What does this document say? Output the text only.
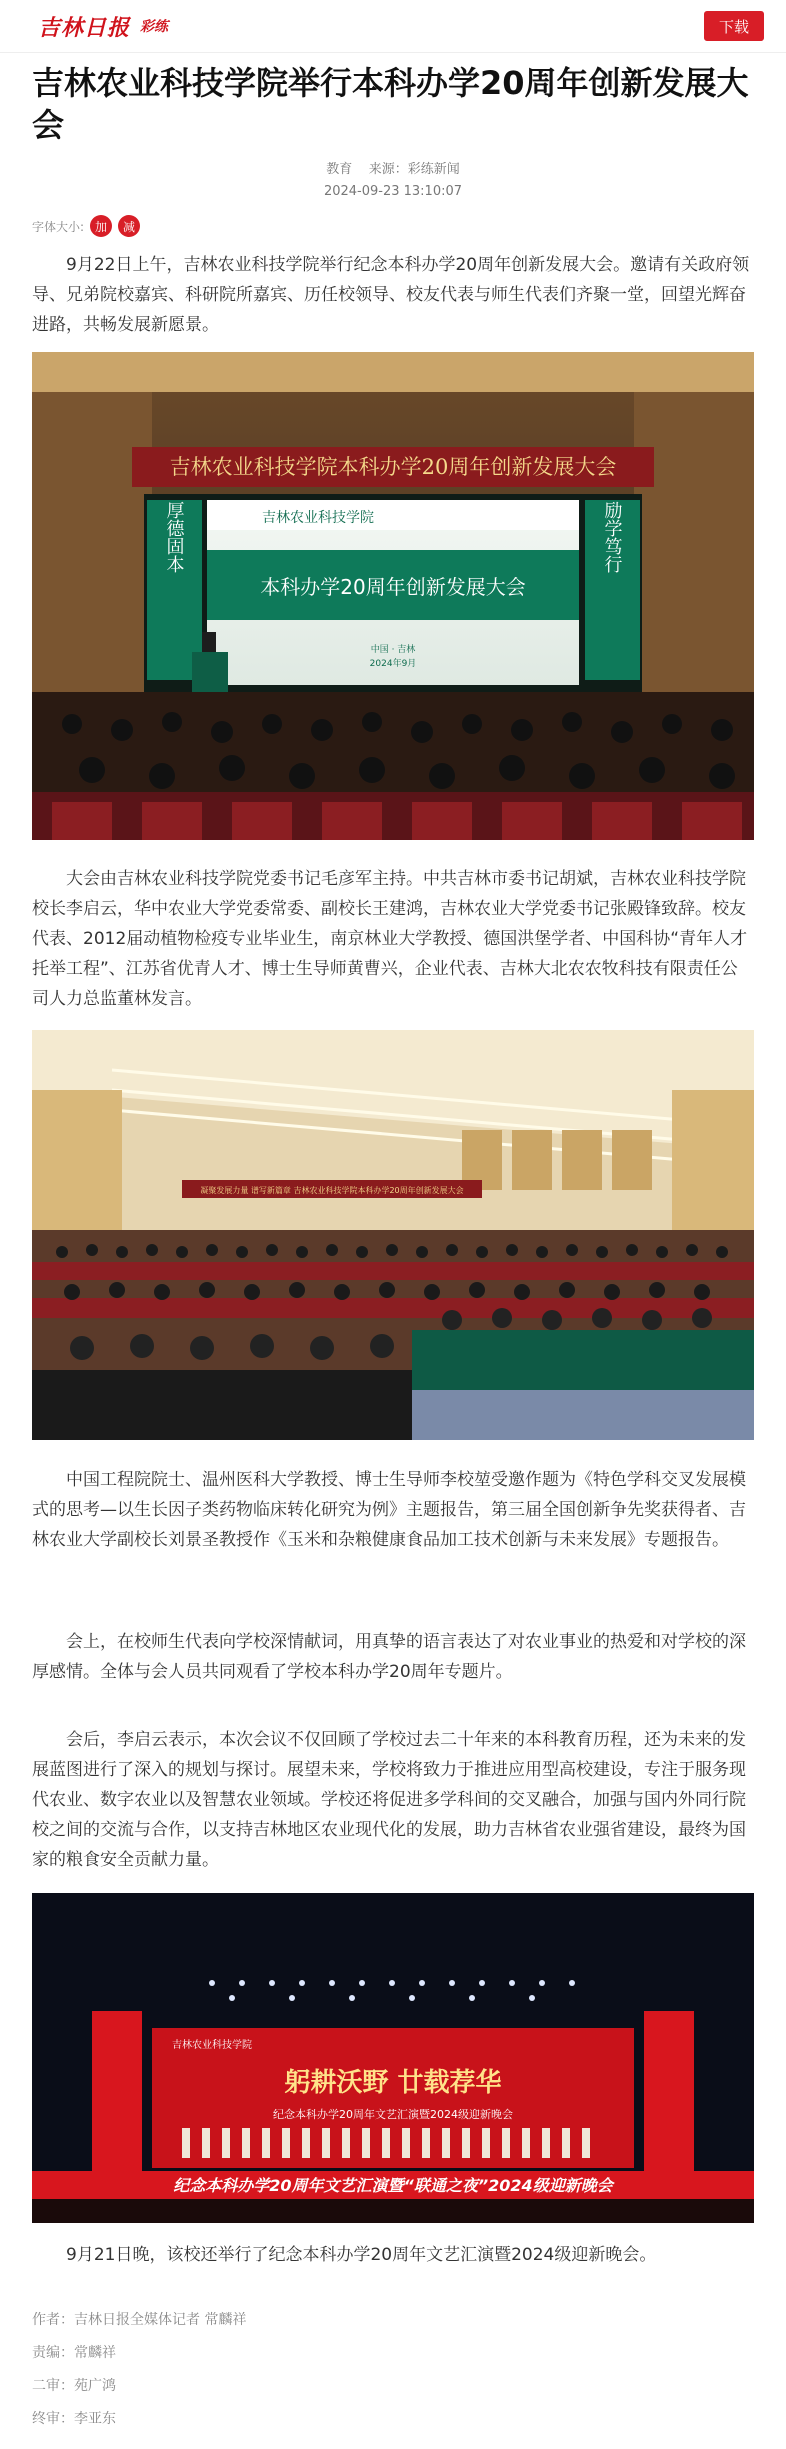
吉林日报 彩练	下载
吉林农业科技学院举行本科办学20周年创新发展大会
教育 来源：彩练新闻
2024-09-23 13:10:07
字体大小: 加	减

9月22日上午，吉林农业科技学院举行纪念本科办学20周年创新发展大会。邀请有关政府领导、兄弟院校嘉宾、科研院所嘉宾、历任校领导、校友代表与师生代表们齐聚一堂，回望光辉奋进路，共畅发展新愿景。

吉林农业科技学院本科办学20周年创新发展大会
吉林农业科技学院
本科办学20周年创新发展大会
中国 · 吉林
2024年9月
厚德固本	励学笃行

大会由吉林农业科技学院党委书记毛彦军主持。中共吉林市委书记胡斌，吉林农业科技学院校长李启云，华中农业大学党委常委、副校长王建鸿，吉林农业大学党委书记张殿锋致辞。校友代表、2012届动植物检疫专业毕业生，南京林业大学教授、德国洪堡学者、中国科协“青年人才托举工程”、江苏省优青人才、博士生导师黄曹兴，企业代表、吉林大北农农牧科技有限责任公司人力总监董林发言。

凝聚发展力量 谱写新篇章 吉林农业科技学院本科办学20周年创新发展大会

中国工程院院士、温州医科大学教授、博士生导师李校堃受邀作题为《特色学科交叉发展模式的思考—以生长因子类药物临床转化研究为例》主题报告，第三届全国创新争先奖获得者、吉林农业大学副校长刘景圣教授作《玉米和杂粮健康食品加工技术创新与未来发展》专题报告。

会上，在校师生代表向学校深情献词，用真挚的语言表达了对农业事业的热爱和对学校的深厚感情。全体与会人员共同观看了学校本科办学20周年专题片。

会后，李启云表示，本次会议不仅回顾了学校过去二十年来的本科教育历程，还为未来的发展蓝图进行了深入的规划与探讨。展望未来，学校将致力于推进应用型高校建设，专注于服务现代农业、数字农业以及智慧农业领域。学校还将促进多学科间的交叉融合，加强与国内外同行院校之间的交流与合作，以支持吉林地区农业现代化的发展，助力吉林省农业强省建设，最终为国家的粮食安全贡献力量。

吉林农业科技学院
躬耕沃野 廿载荐华
纪念本科办学20周年文艺汇演暨2024级迎新晚会
纪念本科办学20周年文艺汇演暨“联通之夜”2024级迎新晚会

9月21日晚，该校还举行了纪念本科办学20周年文艺汇演暨2024级迎新晚会。

作者：吉林日报全媒体记者 常麟祥
责编：常麟祥
二审：苑广鸿
终审：李亚东
